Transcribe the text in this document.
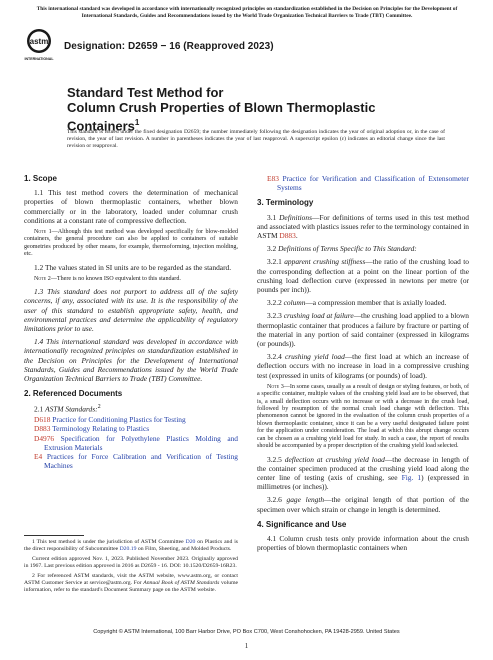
This international standard was developed in accordance with internationally recognized principles on standardization established in the Decision on Principles for the Development of International Standards, Guides and Recommendations issued by the World Trade Organization Technical Barriers to Trade (TBT) Committee.
astm
INTERNATIONAL
Designation: D2659 − 16 (Reapproved 2023)
Standard Test Method for
Column Crush Properties of Blown Thermoplastic
Containers$^1$
This standard is issued under the fixed designation D2659; the number immediately following the designation indicates the year of original adoption or, in the case of revision, the year of last revision. A number in parentheses indicates the year of last reapproval. A superscript epsilon (ε) indicates an editorial change since the last revision or reapproval.
1. Scope
1.1 This test method covers the determination of mechanical properties of blown thermoplastic containers, whether blown commercially or in the laboratory, loaded under columnar crush conditions at a constant rate of compressive deflection.
Note 1—Although this test method was developed specifically for blow-molded containers, the general procedure can also be applied to containers of suitable geometries produced by other means, for example, thermoforming, injection molding, etc.
1.2 The values stated in SI units are to be regarded as the standard.
Note 2—There is no known ISO equivalent to this standard.
1.3 This standard does not purport to address all of the safety concerns, if any, associated with its use. It is the responsibility of the user of this standard to establish appropriate safety, health, and environmental practices and determine the applicability of regulatory limitations prior to use.
1.4 This international standard was developed in accordance with internationally recognized principles on standardization established in the Decision on Principles for the Development of International Standards, Guides and Recommendations issued by the World Trade Organization Technical Barriers to Trade (TBT) Committee.
2. Referenced Documents
2.1 ASTM Standards:$^2$
D618 Practice for Conditioning Plastics for Testing
D883 Terminology Relating to Plastics
D4976 Specification for Polyethylene Plastics Molding and Extrusion Materials
E4 Practices for Force Calibration and Verification of Testing Machines

1 This test method is under the jurisdiction of ASTM Committee D20 on Plastics and is the direct responsibility of Subcommittee D20.19 on Film, Sheeting, and Molded Products.

Current edition approved Nov. 1, 2023. Published November 2023. Originally approved in 1967. Last previous edition approved in 2016 as D2659 - 16. DOI: 10.1520/D2659-16R23.

2 For referenced ASTM standards, visit the ASTM website, www.astm.org, or contact ASTM Customer Service at service@astm.org. For Annual Book of ASTM Standards volume information, refer to the standard's Document Summary page on the ASTM website.

E83 Practice for Verification and Classification of Extensometer Systems
3. Terminology
3.1 Definitions—For definitions of terms used in this test method and associated with plastics issues refer to the terminology contained in ASTM D883.
3.2 Definitions of Terms Specific to This Standard:
3.2.1 apparent crushing stiffness—the ratio of the crushing load to the corresponding deflection at a point on the linear portion of the crushing load deflection curve (expressed in newtons per metre (or pounds per inch)).
3.2.2 column—a compression member that is axially loaded.
3.2.3 crushing load at failure—the crushing load applied to a blown thermoplastic container that produces a failure by fracture or parting of the material in any portion of said container (expressed in kilograms (or pounds)).
3.2.4 crushing yield load—the first load at which an increase of deflection occurs with no increase in load in a compressive crushing test (expressed in units of kilograms (or pounds) of load).
Note 3—In some cases, usually as a result of design or styling features, or both, of a specific container, multiple values of the crushing yield load are to be observed, that is, a small deflection occurs with no increase or with a decrease in the crush load, followed by resumption of the normal crush load change with deflection. This phenomenon cannot be ignored in the evaluation of the column crush properties of a blown thermoplastic container, since it can be a very useful designated failure point for the application under consideration. The load at which this abrupt change occurs can be chosen as a crushing yield load for study. In such a case, the report of results should be accompanied by a proper description of the crushing yield load selected.
3.2.5 deflection at crushing yield load—the decrease in length of the container specimen produced at the crushing yield load along the center line of testing (axis of crushing, see Fig. 1) (expressed in millimetres (or inches)).
3.2.6 gage length—the original length of that portion of the specimen over which strain or change in length is determined.
4. Significance and Use
4.1 Column crush tests only provide information about the crush properties of blown thermoplastic containers when
Copyright © ASTM International, 100 Barr Harbor Drive, PO Box C700, West Conshohocken, PA 19428-2959. United States
1
